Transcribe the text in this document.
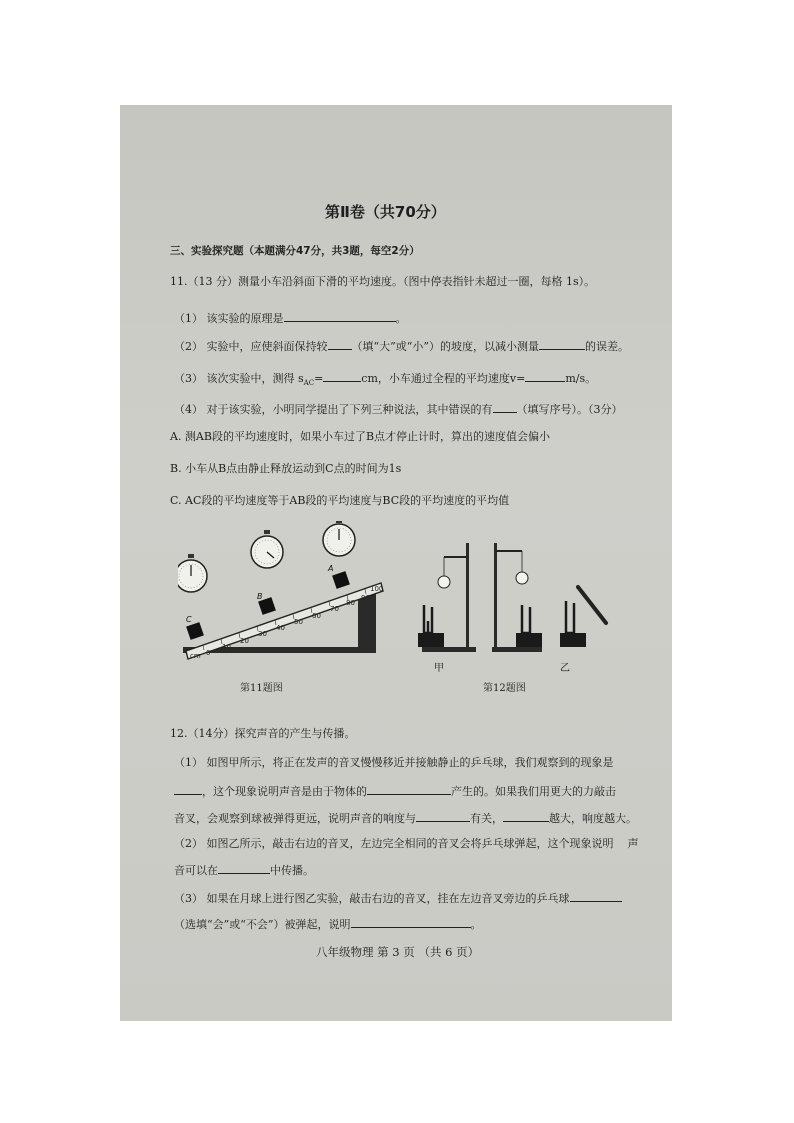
第Ⅱ卷（共70分）
三、实验探究题（本题满分47分，共3题，每空2分）
11.（13 分）测量小车沿斜面下滑的平均速度。（图中停表指针未超过一圈，每格 1s）。
（1） 该实验的原理是	。
（2） 实验中，应使斜面保持较 （填“大”或“小”）的坡度，以减小测量	的误差。
（3） 该次实验中，测得 $s_{AC}=$	cm，小车通过全程的平均速度v=	m/s。
（4） 对于该实验，小明同学提出了下列三种说法，其中错误的有 （填写序号）。（3分）
A. 测AB段的平均速度时，如果小车过了B点才停止计时，算出的速度值会偏小
B. 小车从B点由静止释放运动到C点的时间为1s
C. AC段的平均速度等于AB段的平均速度与BC段的平均速度的平均值
cm 0
10
20
30
40
50
60
70
80
90
100
C
B
A
甲	乙
第11题图	第12题图
12.（14分）探究声音的产生与传播。
（1） 如图甲所示，将正在发声的音叉慢慢移近并接触静止的乒乓球，我们观察到的现象是
，这个现象说明声音是由于物体的	产生的。如果我们用更大的力敲击
音叉，会观察到球被弹得更远，说明声音的响度与	有关，	越大，响度越大。
（2） 如图乙所示，敲击右边的音叉，左边完全相同的音叉会将乒乓球弹起，这个现象说明 声
音可以在	中传播。
（3） 如果在月球上进行图乙实验，敲击右边的音叉，挂在左边音叉旁边的乒乓球
（选填“会”或“不会”）被弹起，说明	。
八年级物理 第 3 页 （共 6 页）
